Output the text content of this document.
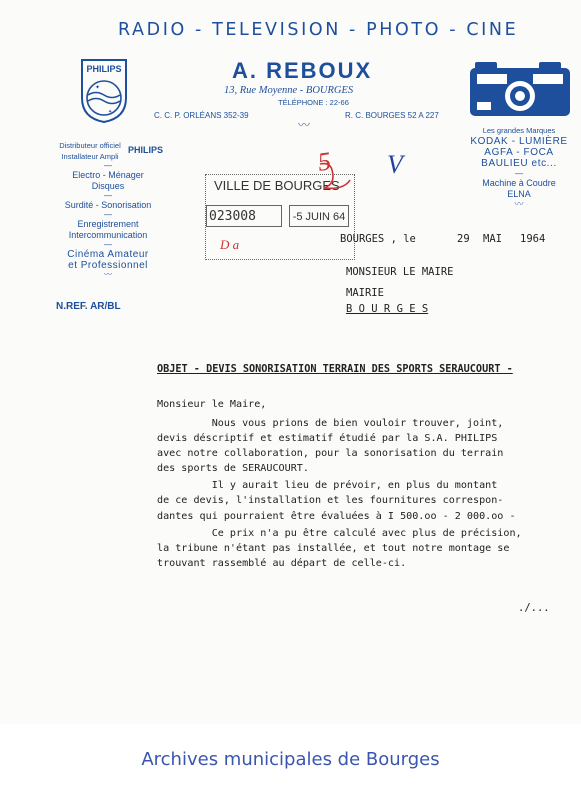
RADIO - TELEVISION - PHOTO - CINE
PHILIPS
✦
✦
A. REBOUX
13, Rue Moyenne - BOURGES
TÉLÉPHONE : 22-66
C. C. P. ORLÉANS 352-39
〰
R. C. BOURGES 52 A 227
Distributeur officiel
Installateur Ampli
PHILIPS
—
Electro - Ménager
Disques
—
Surdité - Sonorisation
—
Enregistrement
Intercommunication
—
Cinéma Amateur
et Professionnel
〰
Les grandes Marques
KODAK - LUMIÈRE
AGFA - FOCA
BAULIEU etc...
—
Machine à Coudre
ELNA
〰
N.REF. AR/BL
VILLE DE BOURGES
023008	-5 JUIN 64
D a
5 V
BOURGES , le	29 MAI 1964
MONSIEUR LE MAIRE
MAIRIE
B O U R G E S
OBJET - DEVIS SONORISATION TERRAIN DES SPORTS SERAUCOURT -
Monsieur le Maire,

Nous vous prions de bien vouloir trouver, joint,

devis déscriptif et estimatif étudié par la S.A. PHILIPS

avec notre collaboration, pour la sonorisation du terrain

des sports de SERAUCOURT.

Il y aurait lieu de prévoir, en plus du montant

de ce devis, l'installation et les fournitures correspon-

dantes qui pourraient être évaluées à I 500.oo - 2 000.oo -

Ce prix n'a pu être calculé avec plus de précision,

la tribune n'étant pas installée, et tout notre montage se

trouvant rassemblé au départ de celle-ci.

./...
Archives municipales de Bourges
